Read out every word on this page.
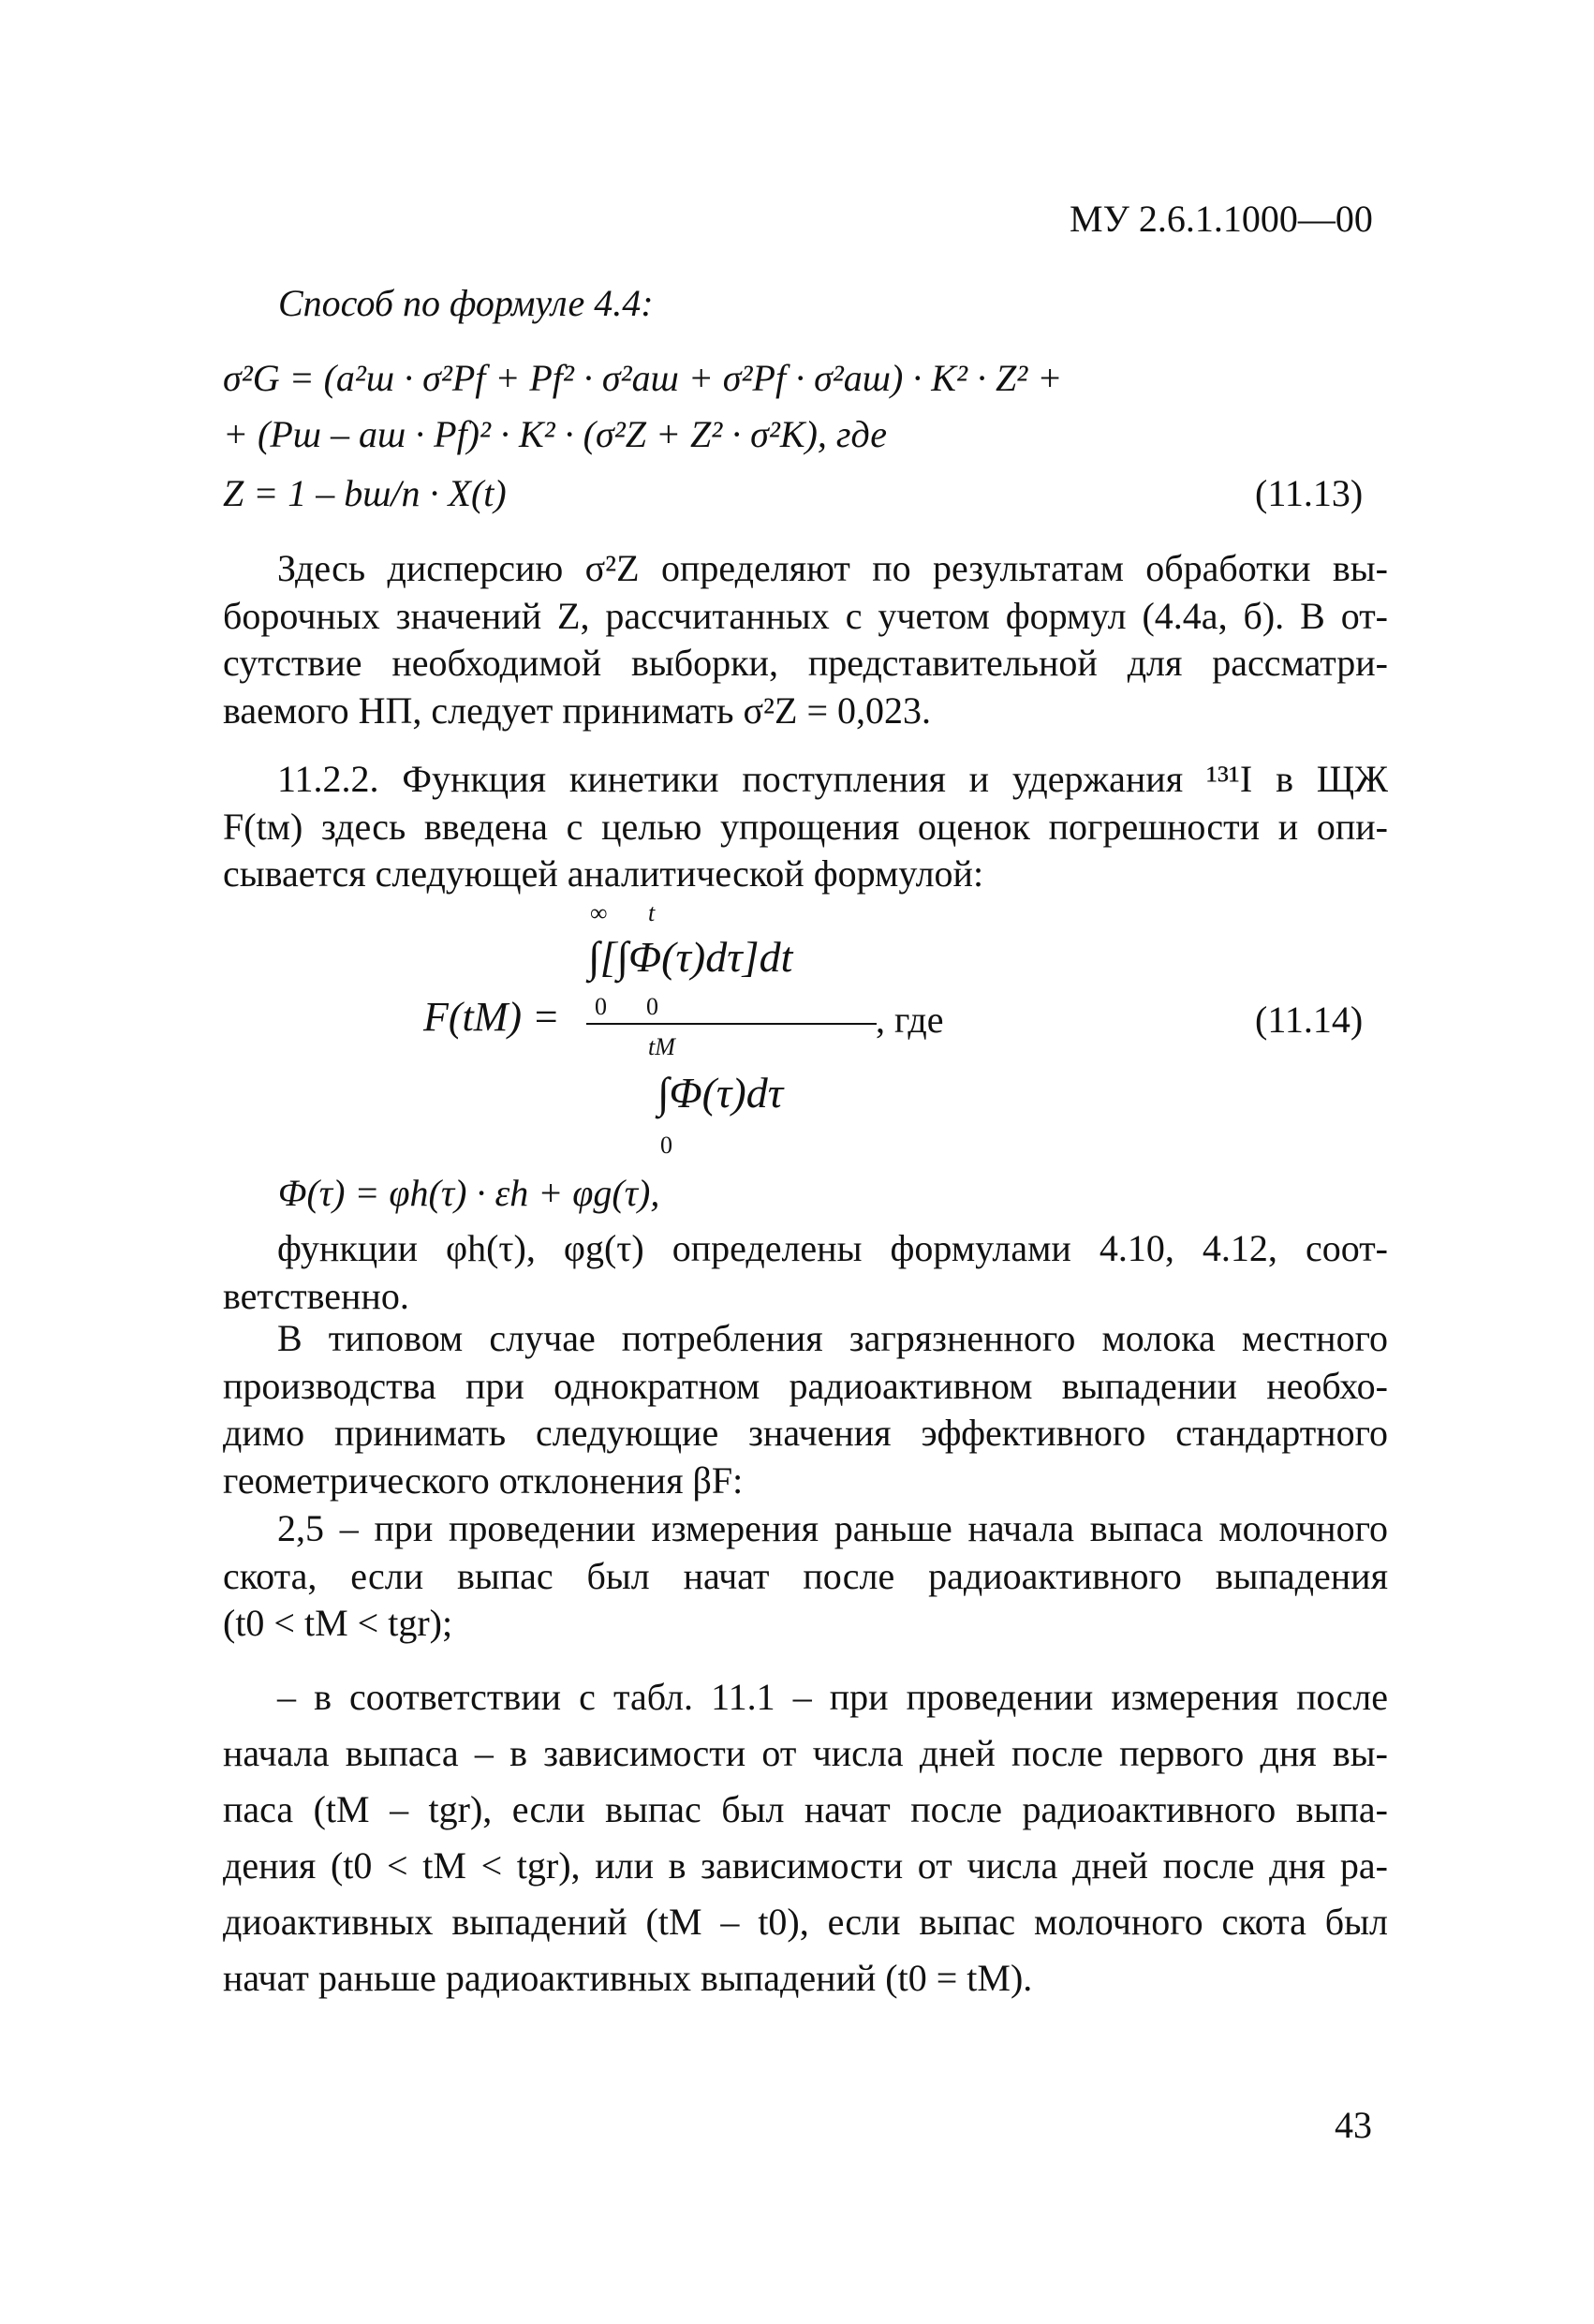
МУ 2.6.1.1000—00
Способ по формуле 4.4:
σ²G = (a²ш · σ²Pf + Pf² · σ²aш + σ²Pf · σ²aш) · K² · Z² +
+ (Pш – aш · Pf)² · K² · (σ²Z + Z² · σ²K), где
Z = 1 – bш/п · X(t)	(11.13)
Здесь дисперсию σ²Z определяют по результатам обработки вы-
борочных значений Z, рассчитанных с учетом формул (4.4а, б). В от-
сутствие необходимой выборки, представительной для рассматри-
ваемого НП, следует принимать σ²Z = 0,023.
11.2.2. Функция кинетики поступления и удержания ¹³¹I в ЩЖ
F(tм) здесь введена с целью упрощения оценок погрешности и опи-
сывается следующей аналитической формулой:
F(tM) =
∞ t
∫[∫Φ(τ)dτ]dt
0 0
tM
∫Φ(τ)dτ
0
, где	(11.14)
Φ(τ) = φh(τ) · εh + φg(τ),
функции φh(τ), φg(τ) определены формулами 4.10, 4.12, соот-
ветственно.
В типовом случае потребления загрязненного молока местного
производства при однократном радиоактивном выпадении необхо-
димо принимать следующие значения эффективного стандартного
геометрического отклонения βF:
2,5 – при проведении измерения раньше начала выпаса молочного
скота, если выпас был начат после радиоактивного выпадения
(t0 < tM < tgr);
– в соответствии с табл. 11.1 – при проведении измерения после
начала выпаса – в зависимости от числа дней после первого дня вы-
паса (tM – tgr), если выпас был начат после радиоактивного выпа-
дения (t0 < tM < tgr), или в зависимости от числа дней после дня ра-
диоактивных выпадений (tM – t0), если выпас молочного скота был
начат раньше радиоактивных выпадений (t0 = tM).
43
